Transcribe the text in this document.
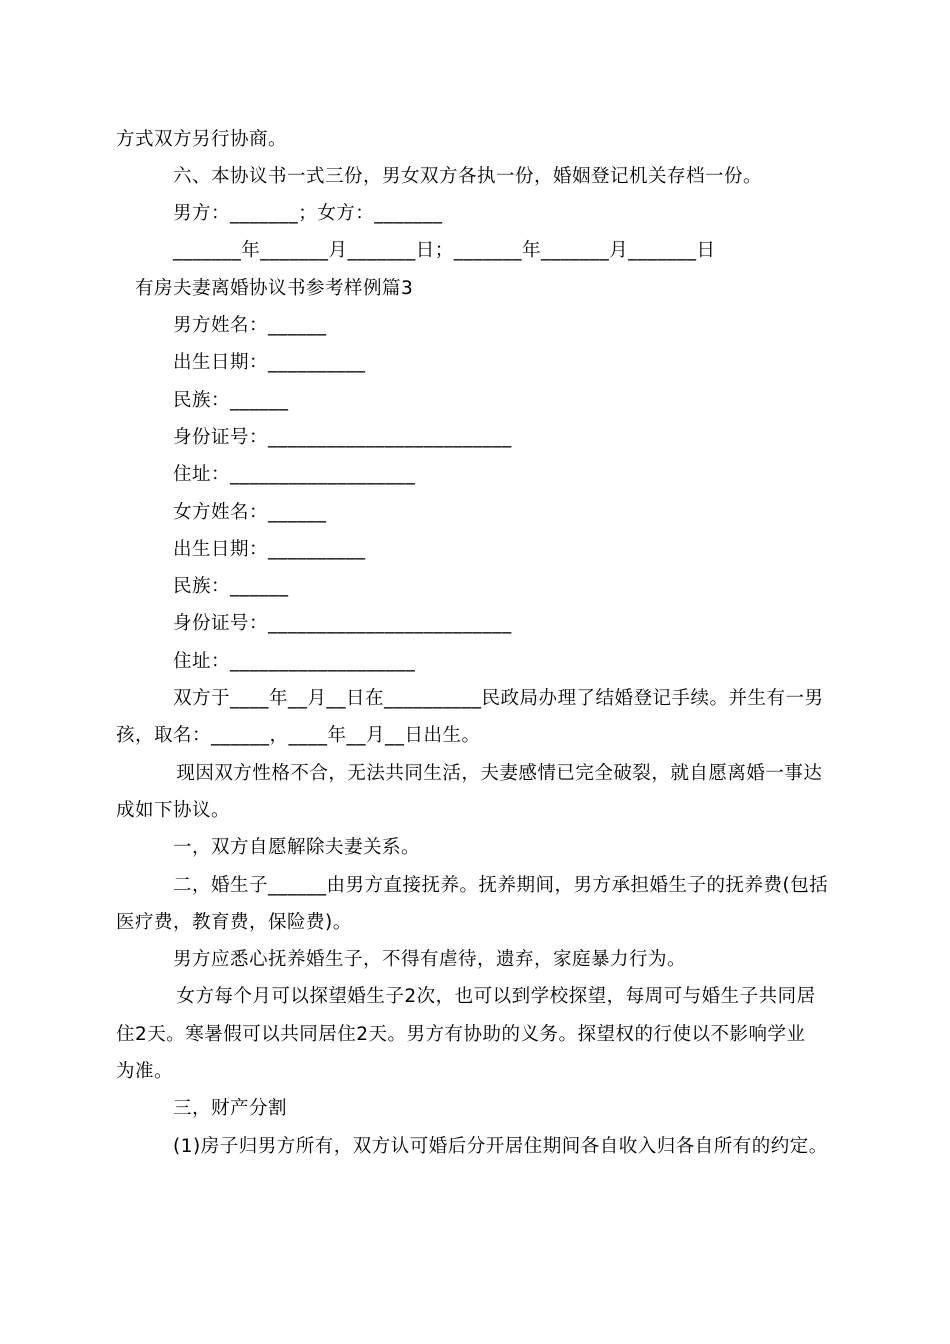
方式双方另行协商。
六、本协议书一式三份，男女双方各执一份，婚姻登记机关存档一份。
男方：_______；女方：_______
_______年_______月_______日；_______年_______月_______日
有房夫妻离婚协议书参考样例篇3
男方姓名：______
出生日期：__________
民族：______
身份证号：_________________________
住址：___________________
女方姓名：______
出生日期：__________
民族：______
身份证号：_________________________
住址：___________________
双方于____年__月__日在__________民政局办理了结婚登记手续。并生有一男
孩，取名：______，____年__月__日出生。
现因双方性格不合，无法共同生活，夫妻感情已完全破裂，就自愿离婚一事达
成如下协议。
一，双方自愿解除夫妻关系。
二，婚生子______由男方直接抚养。抚养期间，男方承担婚生子的抚养费(包括
医疗费，教育费，保险费)。
男方应悉心抚养婚生子，不得有虐待，遗弃，家庭暴力行为。
女方每个月可以探望婚生子2次，也可以到学校探望，每周可与婚生子共同居
住2天。寒暑假可以共同居住2天。男方有协助的义务。探望权的行使以不影响学业
为准。
三，财产分割
(1)房子归男方所有，双方认可婚后分开居住期间各自收入归各自所有的约定。
